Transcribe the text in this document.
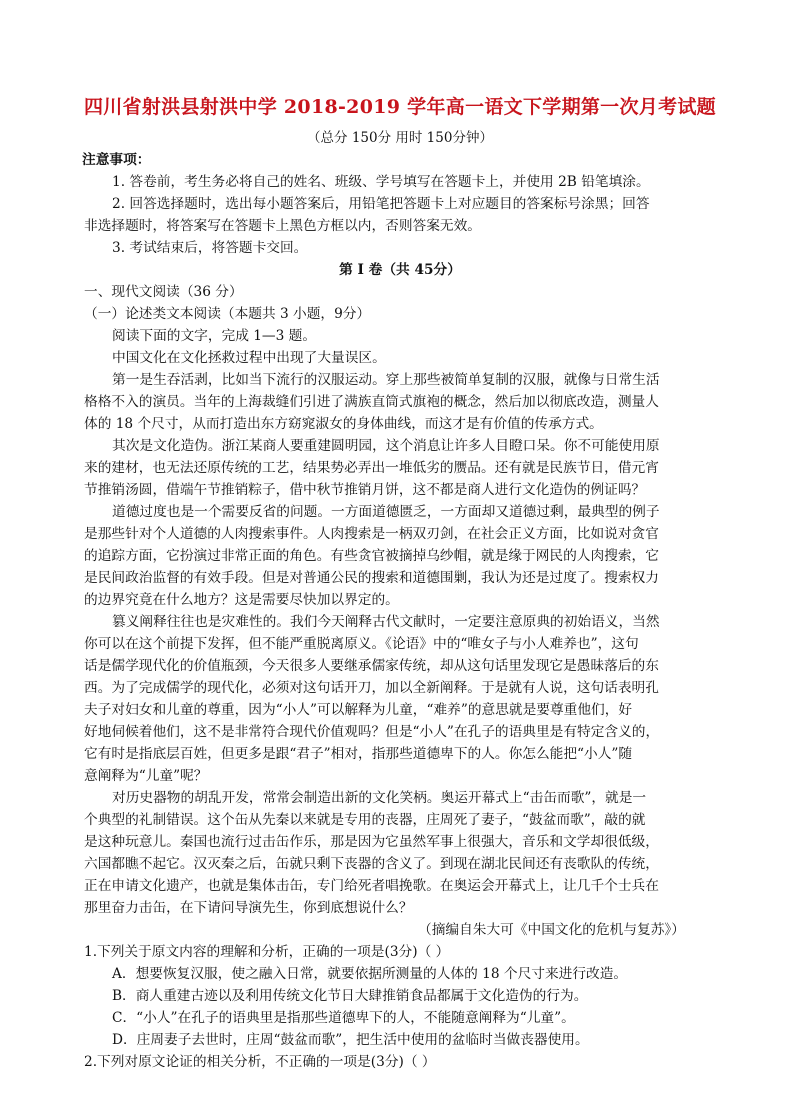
四川省射洪县射洪中学 2018-2019 学年高一语文下学期第一次月考试题
（总分 150分 用时 150分钟）
注意事项：
1. 答卷前，考生务必将自己的姓名、班级、学号填写在答题卡上，并使用 2B 铅笔填涂。
2. 回答选择题时，选出每小题答案后，用铅笔把答题卡上对应题目的答案标号涂黑；回答
非选择题时，将答案写在答题卡上黑色方框以内，否则答案无效。
3. 考试结束后，将答题卡交回。
第 I 卷（共 45分）
一、现代文阅读（36 分）
（一）论述类文本阅读（本题共 3 小题，9分）
阅读下面的文字，完成 1—3 题。
中国文化在文化拯救过程中出现了大量误区。
第一是生吞活剥，比如当下流行的汉服运动。穿上那些被简单复制的汉服，就像与日常生活
格格不入的演员。当年的上海裁缝们引进了满族直筒式旗袍的概念，然后加以彻底改造，测量人
体的 18 个尺寸，从而打造出东方窈窕淑女的身体曲线，而这才是有价值的传承方式。
其次是文化造伪。浙江某商人要重建圆明园，这个消息让许多人目瞪口呆。你不可能使用原
来的建材，也无法还原传统的工艺，结果势必弄出一堆低劣的赝品。还有就是民族节日，借元宵
节推销汤圆，借端午节推销粽子，借中秋节推销月饼，这不都是商人进行文化造伪的例证吗？
道德过度也是一个需要反省的问题。一方面道德匮乏，一方面却又道德过剩，最典型的例子
是那些针对个人道德的人肉搜索事件。人肉搜索是一柄双刃剑，在社会正义方面，比如说对贪官
的追踪方面，它扮演过非常正面的角色。有些贪官被摘掉乌纱帽，就是缘于网民的人肉搜索，它
是民间政治监督的有效手段。但是对普通公民的搜索和道德围剿，我认为还是过度了。搜索权力
的边界究竟在什么地方？这是需要尽快加以界定的。
篡义阐释往往也是灾难性的。我们今天阐释古代文献时，一定要注意原典的初始语义，当然
你可以在这个前提下发挥，但不能严重脱离原义。《论语》中的“唯女子与小人难养也”，这句
话是儒学现代化的价值瓶颈，今天很多人要继承儒家传统，却从这句话里发现它是愚昧落后的东
西。为了完成儒学的现代化，必须对这句话开刀，加以全新阐释。于是就有人说，这句话表明孔
夫子对妇女和儿童的尊重，因为“小人”可以解释为儿童，“难养”的意思就是要尊重他们，好
好地伺候着他们，这不是非常符合现代价值观吗？但是“小人”在孔子的语典里是有特定含义的，
它有时是指底层百姓，但更多是跟“君子”相对，指那些道德卑下的人。你怎么能把“小人”随
意阐释为“儿童”呢？
对历史器物的胡乱开发，常常会制造出新的文化笑柄。奥运开幕式上“击缶而歌”，就是一
个典型的礼制错误。这个缶从先秦以来就是专用的丧器，庄周死了妻子，“鼓盆而歌”，敲的就
是这种玩意儿。秦国也流行过击缶作乐，那是因为它虽然军事上很强大，音乐和文学却很低级，
六国都瞧不起它。汉灭秦之后，缶就只剩下丧器的含义了。到现在湖北民间还有丧歌队的传统，
正在申请文化遗产，也就是集体击缶，专门给死者唱挽歌。在奥运会开幕式上，让几千个士兵在
那里奋力击缶，在下请问导演先生，你到底想说什么？
（摘编自朱大可《中国文化的危机与复苏》）
1.下列关于原文内容的理解和分析，正确的一项是(3分)（ ）
A．想要恢复汉服，使之融入日常，就要依据所测量的人体的 18 个尺寸来进行改造。
B．商人重建古迹以及利用传统文化节日大肆推销食品都属于文化造伪的行为。
C．“小人”在孔子的语典里是指那些道德卑下的人，不能随意阐释为“儿童”。
D．庄周妻子去世时，庄周“鼓盆而歌”，把生活中使用的盆临时当做丧器使用。
2.下列对原文论证的相关分析，不正确的一项是(3分)（ ）
